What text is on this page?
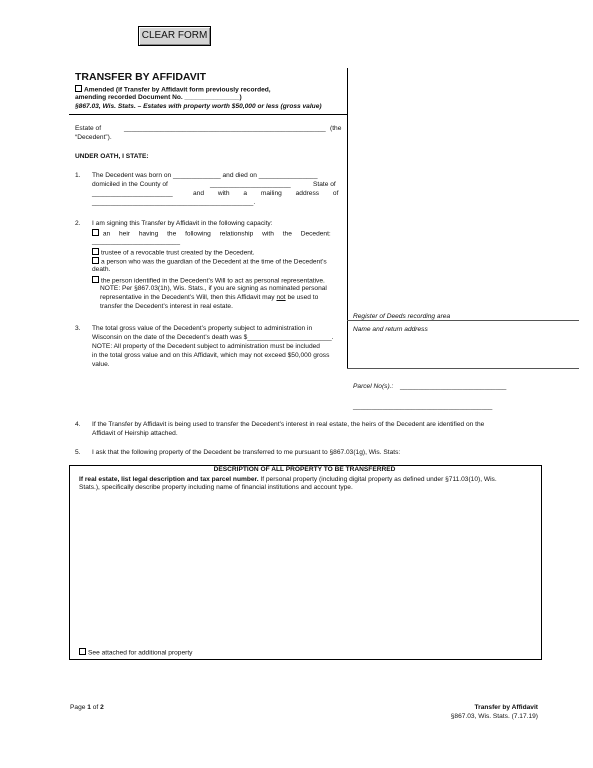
CLEAR FORM
TRANSFER BY AFFIDAVIT
Amended (if Transfer by Affidavit form previously recorded,
amending recorded Document No. _______________)
§867.03, Wis. Stats. – Estates with property worth $50,000 or less (gross value)
Estate of	_______________________________________________________ (the
“Decedent”).
UNDER OATH, I STATE:
1. The Decedent was born on _____________ and died on ________________
domiciled in the County of	______________________	State of
______________________	and with a mailing address of
____________________________________________.
2. I am signing this Transfer by Affidavit in the following capacity:
an heir having the following relationship with the Decedent:
________________________
trustee of a revocable trust created by the Decedent.
a person who was the guardian of the Decedent at the time of the Decedent’s
death.
the person identified in the Decedent’s Will to act as personal representative.
NOTE: Per §867.03(1h), Wis. Stats., if you are signing as nominated personal
representative in the Decedent’s Will, then this Affidavit may not be used to
transfer the Decedent’s interest in real estate.
Register of Deeds recording area
Name and return address
Parcel No(s).: _____________________________
______________________________________
3. The total gross value of the Decedent’s property subject to administration in
Wisconsin on the date of the Decedent’s death was $_______________________.
NOTE: All property of the Decedent subject to administration must be included
in the total gross value and on this Affidavit, which may not exceed $50,000 gross
value.
4. If the Transfer by Affidavit is being used to transfer the Decedent’s interest in real estate, the heirs of the Decedent are identified on the
Affidavit of Heirship attached.
5. I ask that the following property of the Decedent be transferred to me pursuant to §867.03(1g), Wis. Stats:
DESCRIPTION OF ALL PROPERTY TO BE TRANSFERRED
If real estate, list legal description and tax parcel number. If personal property (including digital property as defined under §711.03(10), Wis.
Stats.), specifically describe property including name of financial institutions and account type.
See attached for additional property
Page 1 of 2	Transfer by Affidavit
§867.03, Wis. Stats. (7.17.19)
